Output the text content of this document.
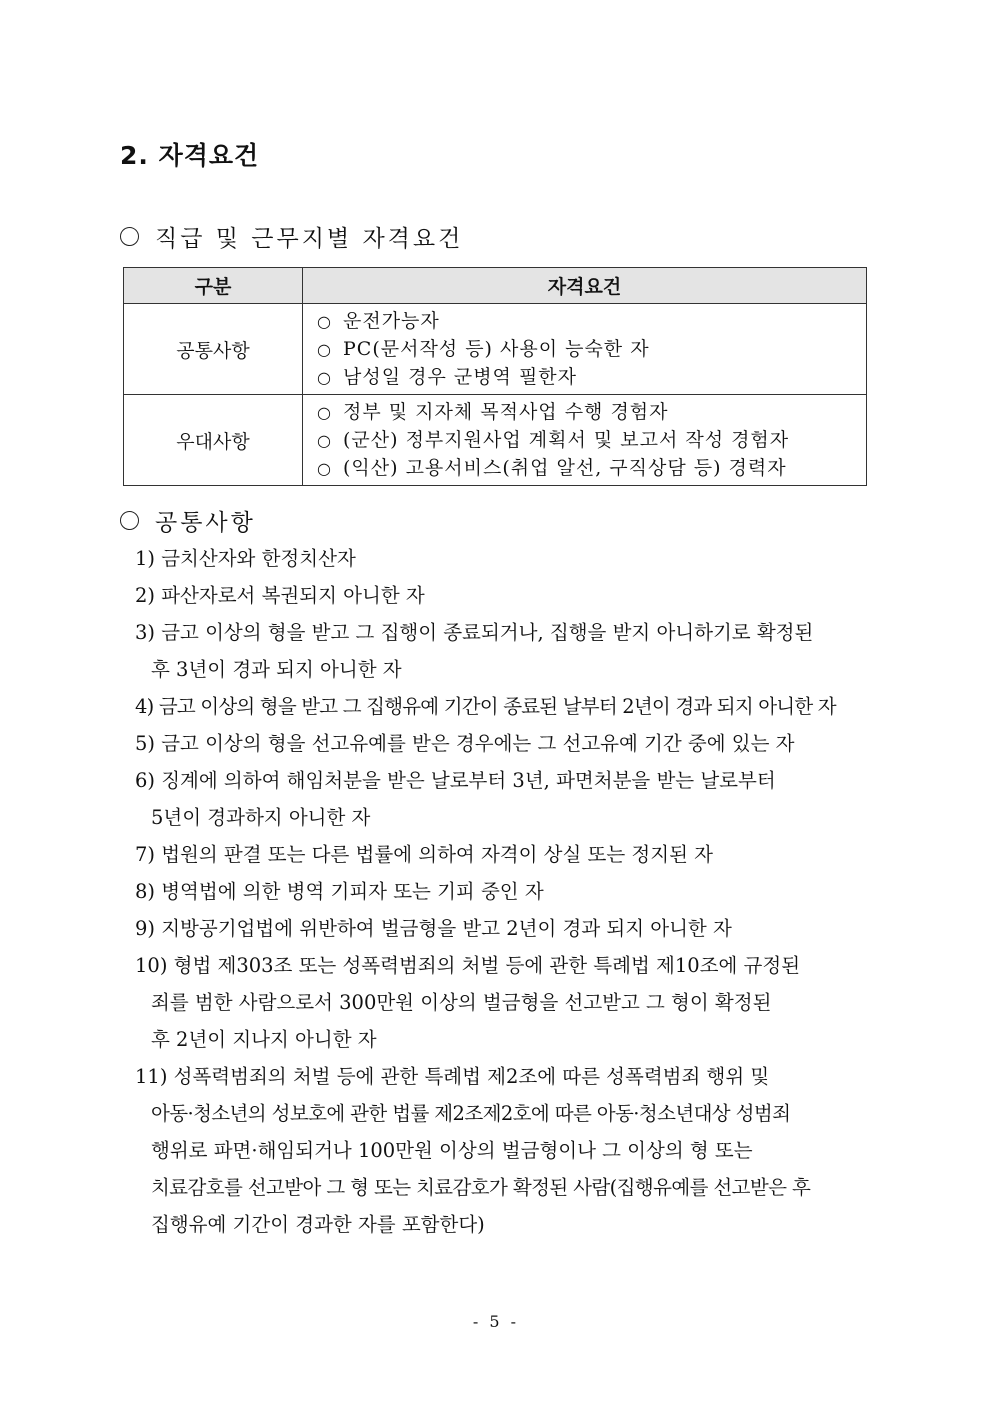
2. 자격요건
직급 및 근무지별 자격요건
구분	자격요건
공통사항	○ 운전가능자
○ PC(문서작성 등) 사용이 능숙한 자
○ 남성일 경우 군병역 필한자

우대사항	○ 정부 및 지자체 목적사업 수행 경험자
○ (군산) 정부지원사업 계획서 및 보고서 작성 경험자
○ (익산) 고용서비스(취업 알선, 구직상담 등) 경력자
공통사항
1) 금치산자와 한정치산자
2) 파산자로서 복권되지 아니한 자
3) 금고 이상의 형을 받고 그 집행이 종료되거나, 집행을 받지 아니하기로 확정된
후 3년이 경과 되지 아니한 자
4) 금고 이상의 형을 받고 그 집행유예 기간이 종료된 날부터 2년이 경과 되지 아니한 자
5) 금고 이상의 형을 선고유예를 받은 경우에는 그 선고유예 기간 중에 있는 자
6) 징계에 의하여 해임처분을 받은 날로부터 3년, 파면처분을 받는 날로부터
5년이 경과하지 아니한 자
7) 법원의 판결 또는 다른 법률에 의하여 자격이 상실 또는 정지된 자
8) 병역법에 의한 병역 기피자 또는 기피 중인 자
9) 지방공기업법에 위반하여 벌금형을 받고 2년이 경과 되지 아니한 자
10) 형법 제303조 또는 성폭력범죄의 처벌 등에 관한 특례법 제10조에 규정된
죄를 범한 사람으로서 300만원 이상의 벌금형을 선고받고 그 형이 확정된
후 2년이 지나지 아니한 자
11) 성폭력범죄의 처벌 등에 관한 특례법 제2조에 따른 성폭력범죄 행위 및
아동·청소년의 성보호에 관한 법률 제2조제2호에 따른 아동·청소년대상 성범죄
행위로 파면·해임되거나 100만원 이상의 벌금형이나 그 이상의 형 또는
치료감호를 선고받아 그 형 또는 치료감호가 확정된 사람(집행유예를 선고받은 후
집행유예 기간이 경과한 자를 포함한다)
- 5 -
